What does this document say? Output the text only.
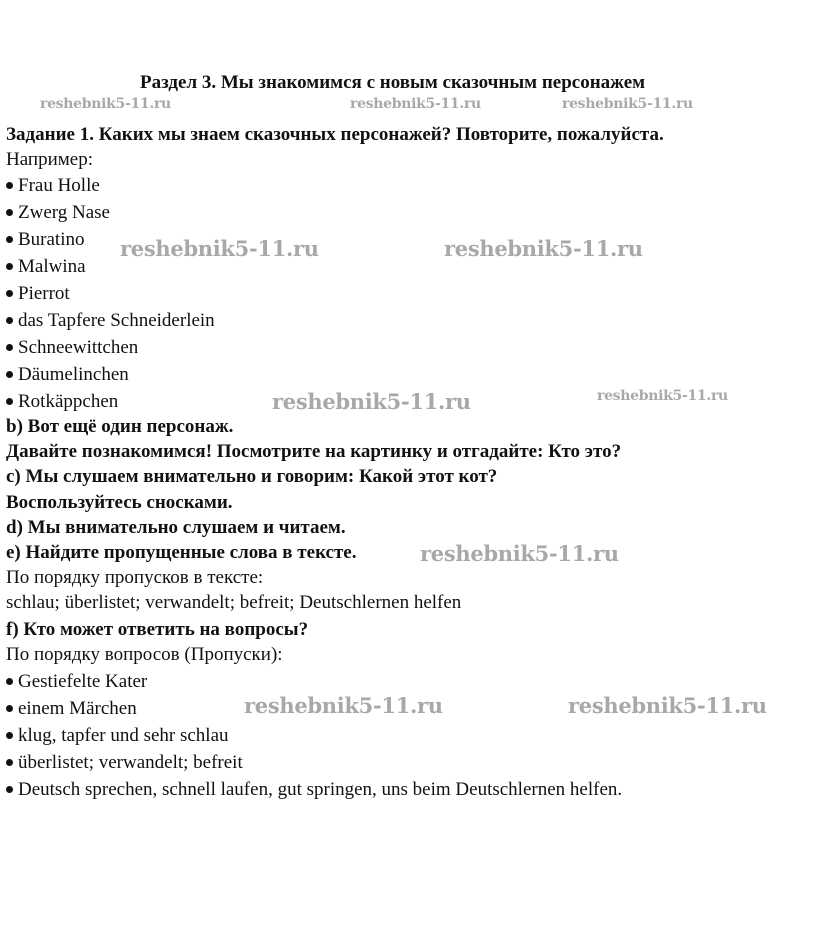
Раздел 3. Мы знакомимся с новым сказочным персонажем
Задание 1. Каких мы знаем сказочных персонажей? Повторите, пожалуйста.
Например:
Frau Holle
Zwerg Nase
Buratino
Malwina
Pierrot
das Tapfere Schneiderlein
Schneewittchen
Däumelinchen
Rotkäppchen
b) Вот ещё один персонаж.
Давайте познакомимся! Посмотрите на картинку и отгадайте: Кто это?
c) Мы слушаем внимательно и говорим: Какой этот кот?
Воспользуйтесь сносками.
d) Мы внимательно слушаем и читаем.
e) Найдите пропущенные слова в тексте.
По порядку пропусков в тексте:
schlau; überlistet; verwandelt; befreit; Deutschlernen helfen
f) Кто может ответить на вопросы?
По порядку вопросов (Пропуски):
Gestiefelte Kater
einem Märchen
klug, tapfer und sehr schlau
überlistet; verwandelt; befreit
Deutsch sprechen, schnell laufen, gut springen, uns beim Deutschlernen helfen.
reshebnik5-11.ru	reshebnik5-11.ru	reshebnik5-11.ru
reshebnik5-11.ru	reshebnik5-11.ru
reshebnik5-11.ru	reshebnik5-11.ru
reshebnik5-11.ru
reshebnik5-11.ru	reshebnik5-11.ru
